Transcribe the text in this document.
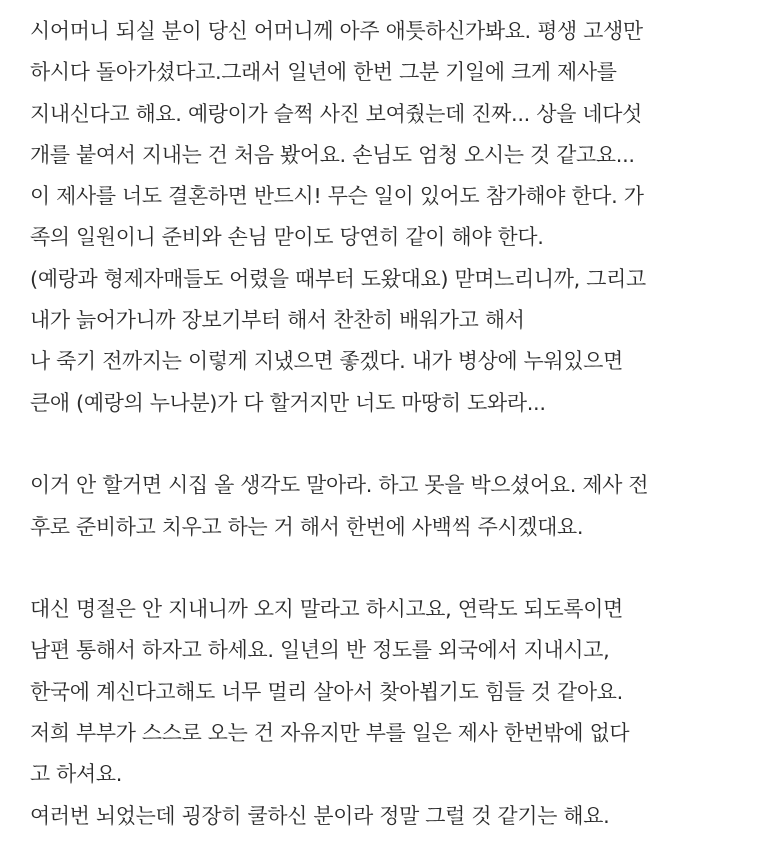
시어머니 되실 분이 당신 어머니께 아주 애틋하신가봐요. 평생 고생만
하시다 돌아가셨다고.그래서 일년에 한번 그분 기일에 크게 제사를
지내신다고 해요. 예랑이가 슬쩍 사진 보여줬는데 진짜... 상을 네다섯
개를 붙여서 지내는 건 처음 봤어요. 손님도 엄청 오시는 것 같고요...
이 제사를 너도 결혼하면 반드시! 무슨 일이 있어도 참가해야 한다. 가
족의 일원이니 준비와 손님 맏이도 당연히 같이 해야 한다.
(예랑과 형제자매들도 어렸을 때부터 도왔대요) 맏며느리니까, 그리고
내가 늙어가니까 장보기부터 해서 찬찬히 배워가고 해서
나 죽기 전까지는 이렇게 지냈으면 좋겠다. 내가 병상에 누워있으면
큰애 (예랑의 누나분)가 다 할거지만 너도 마땅히 도와라...
이거 안 할거면 시집 올 생각도 말아라. 하고 못을 박으셨어요. 제사 전
후로 준비하고 치우고 하는 거 해서 한번에 사백씩 주시겠대요.
대신 명절은 안 지내니까 오지 말라고 하시고요, 연락도 되도록이면
남편 통해서 하자고 하세요. 일년의 반 정도를 외국에서 지내시고,
한국에 계신다고해도 너무 멀리 살아서 찾아뵙기도 힘들 것 같아요.
저희 부부가 스스로 오는 건 자유지만 부를 일은 제사 한번밖에 없다
고 하셔요.
여러번 뇌었는데 굉장히 쿨하신 분이라 정말 그럴 것 같기는 해요.
